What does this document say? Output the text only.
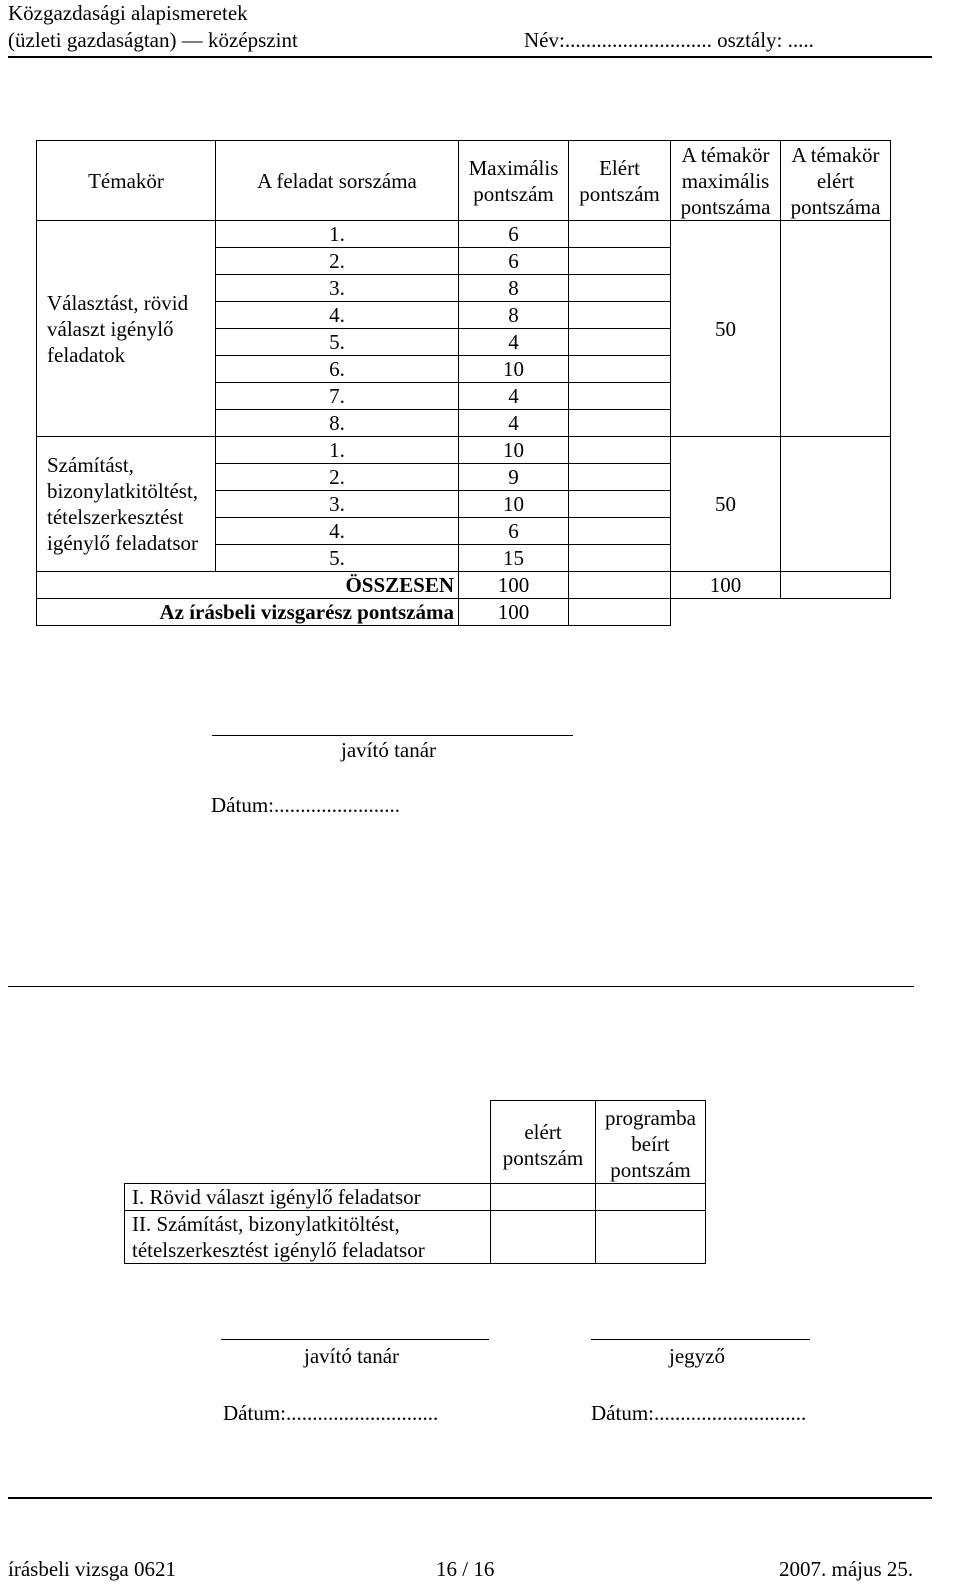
Közgazdasági alapismeretek
(üzleti gazdaságtan) — középszint	Név:............................ osztály: .....
Témakör	A feladat sorszáma	Maximális pontszám	Elért pontszám	A témakör maximális pontszáma	A témakör elért pontszáma
Választást, rövid választ igénylő feladatok	1.	6		50	
	2.	6			
	3.	8			
	4.	8			
	5.	4			
	6.	10			
	7.	4			
	8.	4			
Számítást, bizonylatkitöltést, tételszerkesztést igénylő feladatsor	1.	10		50	
	2.	9			
	3.	10			
	4.	6			
	5.	15			
ÖSSZESEN		100		100	
Az írásbeli vizsgarész pontszáma		100			
javító tanár
Dátum:........................
	elért pontszám	programba beírt pontszám
I. Rövid választ igénylő feladatsor		
II. Számítást, bizonylatkitöltést, tételszerkesztést igénylő feladatsor		
javító tanár
Dátum:.............................
jegyző
Dátum:.............................
írásbeli vizsga 0621	16 / 16	2007. május 25.
